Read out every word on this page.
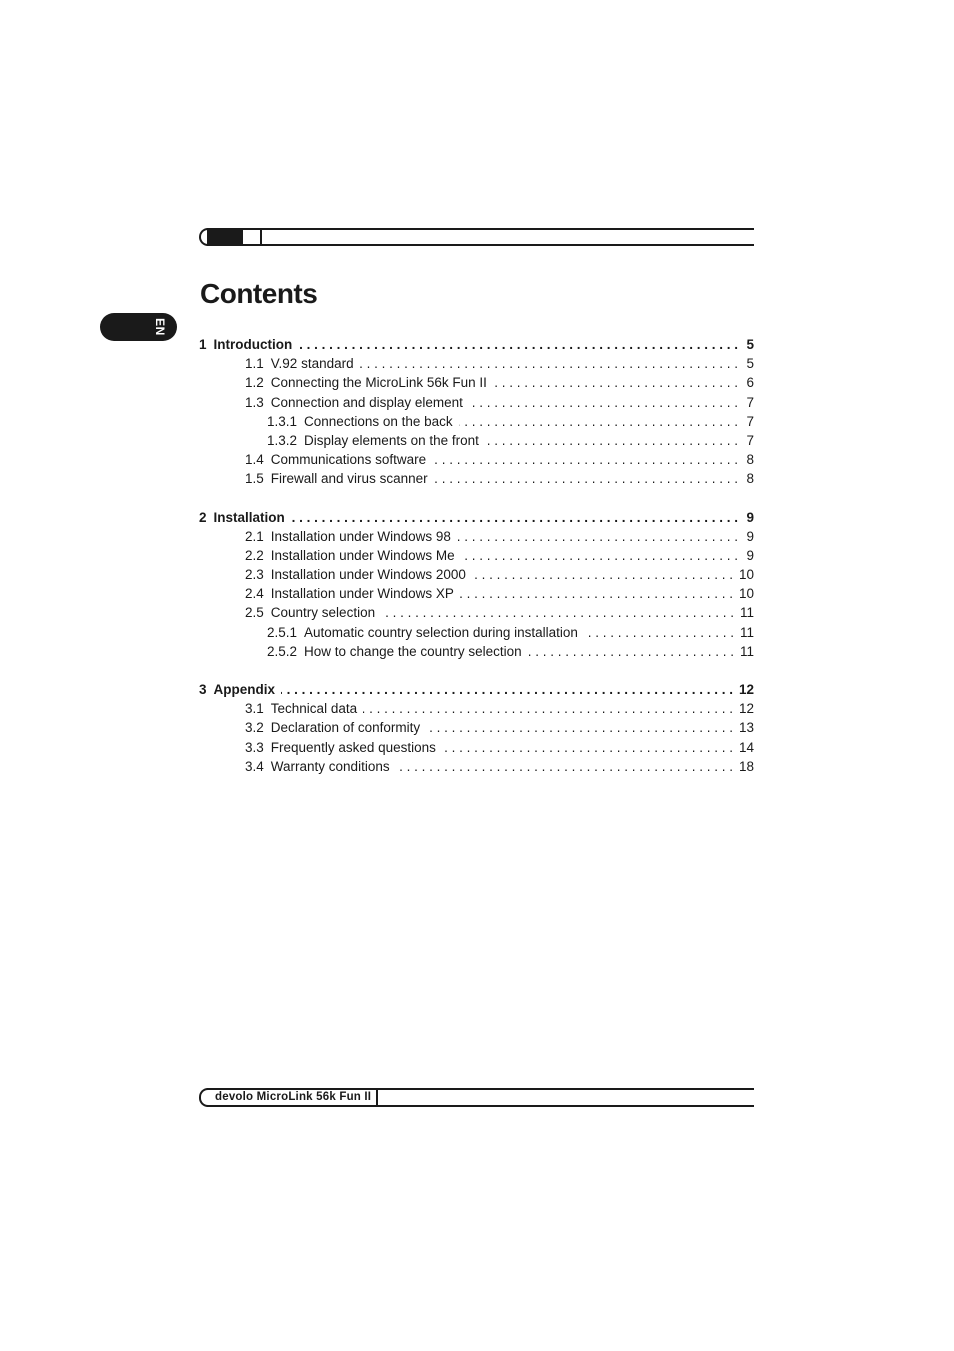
EN
Contents
1 Introduction . . .	5
1.1 V.92 standard . . .	5
1.2 Connecting the MicroLink 56k Fun II . . .	6
1.3 Connection and display element . . .	7
1.3.1 Connections on the back . . .	7
1.3.2 Display elements on the front . . .	7
1.4 Communications software . . .	8
1.5 Firewall and virus scanner . . .	8
2 Installation . . .	9
2.1 Installation under Windows 98 . . .	9
2.2 Installation under Windows Me . . .	9
2.3 Installation under Windows 2000 . . .	10
2.4 Installation under Windows XP . . .	10
2.5 Country selection . . .	11
2.5.1 Automatic country selection during installation . . .	11
2.5.2 How to change the country selection . . .	11
3 Appendix . . .	12
3.1 Technical data . . .	12
3.2 Declaration of conformity . . .	13
3.3 Frequently asked questions . . .	14
3.4 Warranty conditions . . .	18
devolo MicroLink 56k Fun II
